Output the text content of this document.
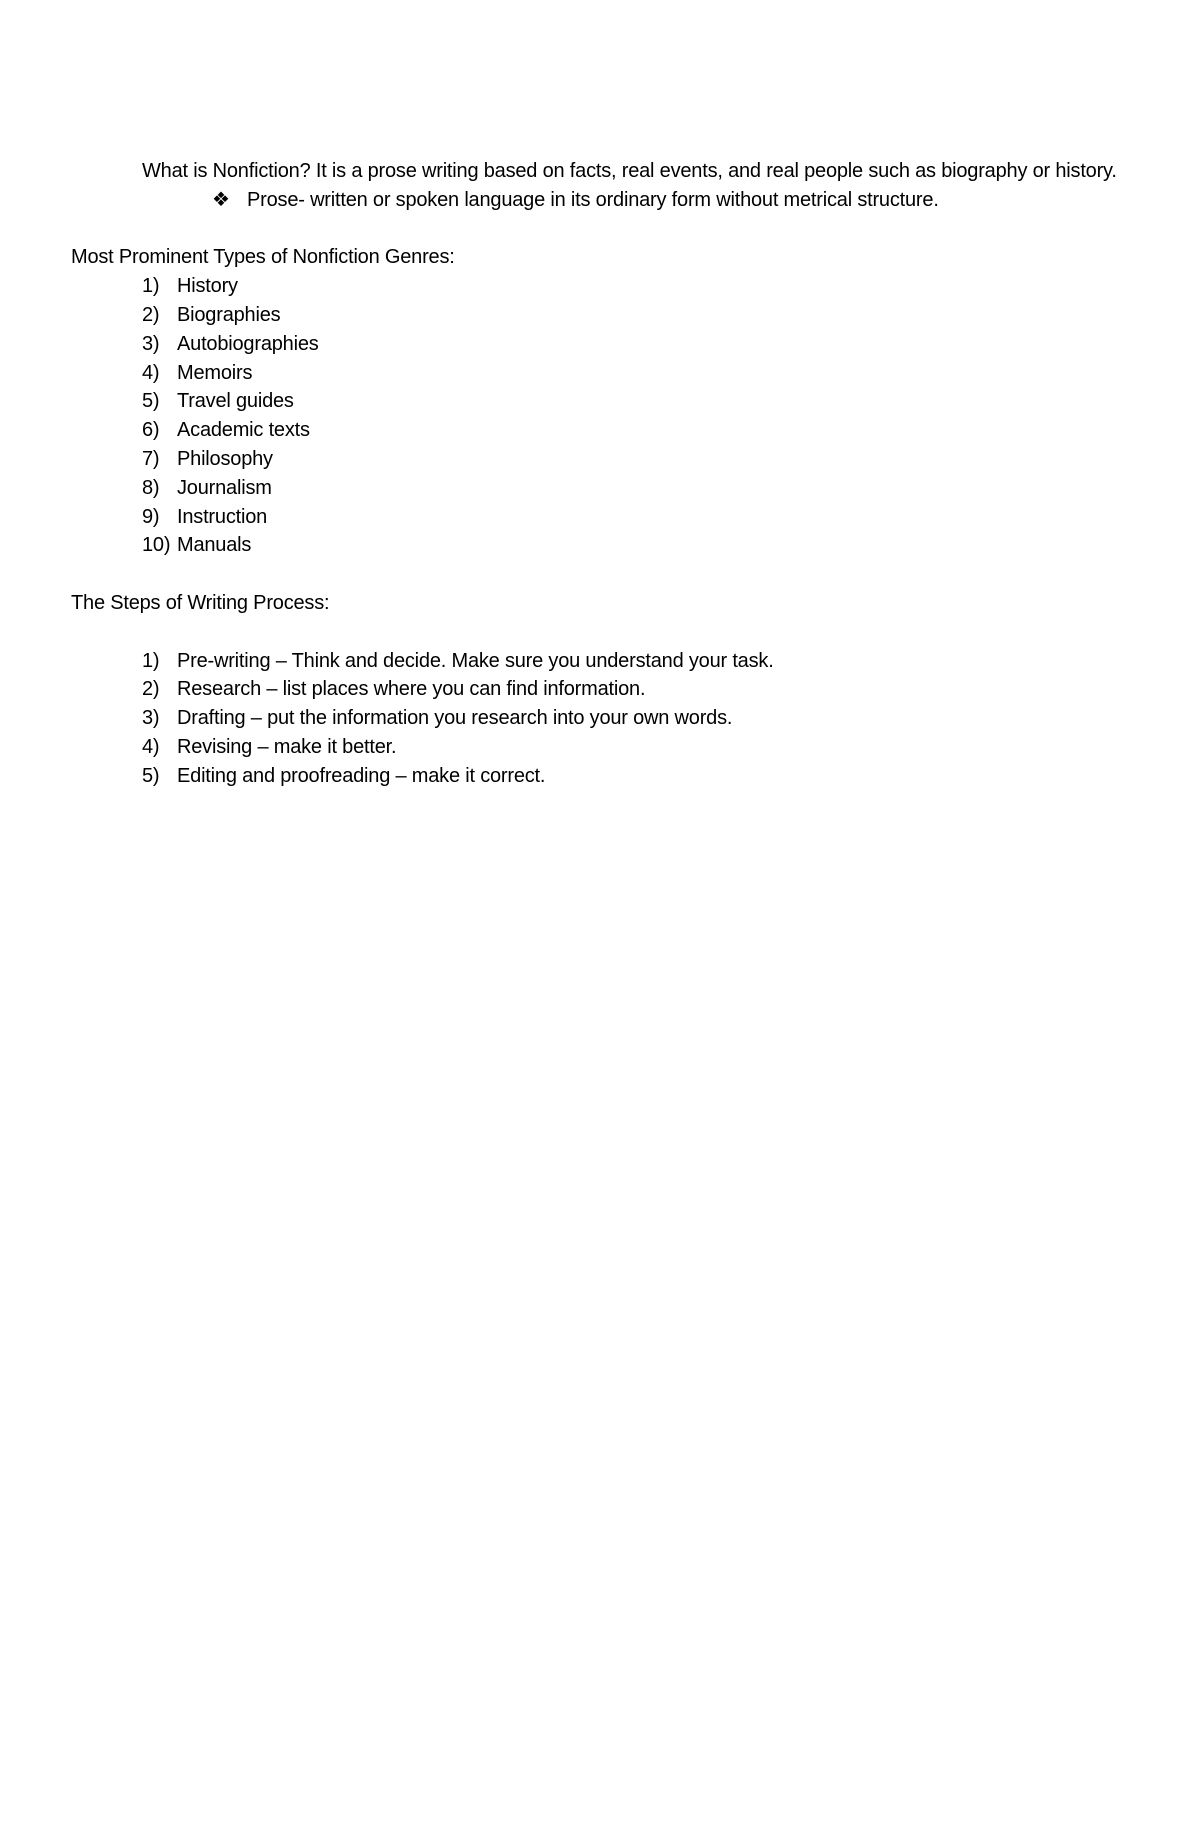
What is Nonfiction? It is a prose writing based on facts, real events, and real people such as biography or history.

❖ Prose- written or spoken language in its ordinary form without metrical structure.

Most Prominent Types of Nonfiction Genres:

1) History
2) Biographies
3) Autobiographies
4) Memoirs
5) Travel guides
6) Academic texts
7) Philosophy
8) Journalism
9) Instruction
10) Manuals

The Steps of Writing Process:

1) Pre-writing – Think and decide. Make sure you understand your task.
2) Research – list places where you can find information.
3) Drafting – put the information you research into your own words.
4) Revising – make it better.
5) Editing and proofreading – make it correct.
